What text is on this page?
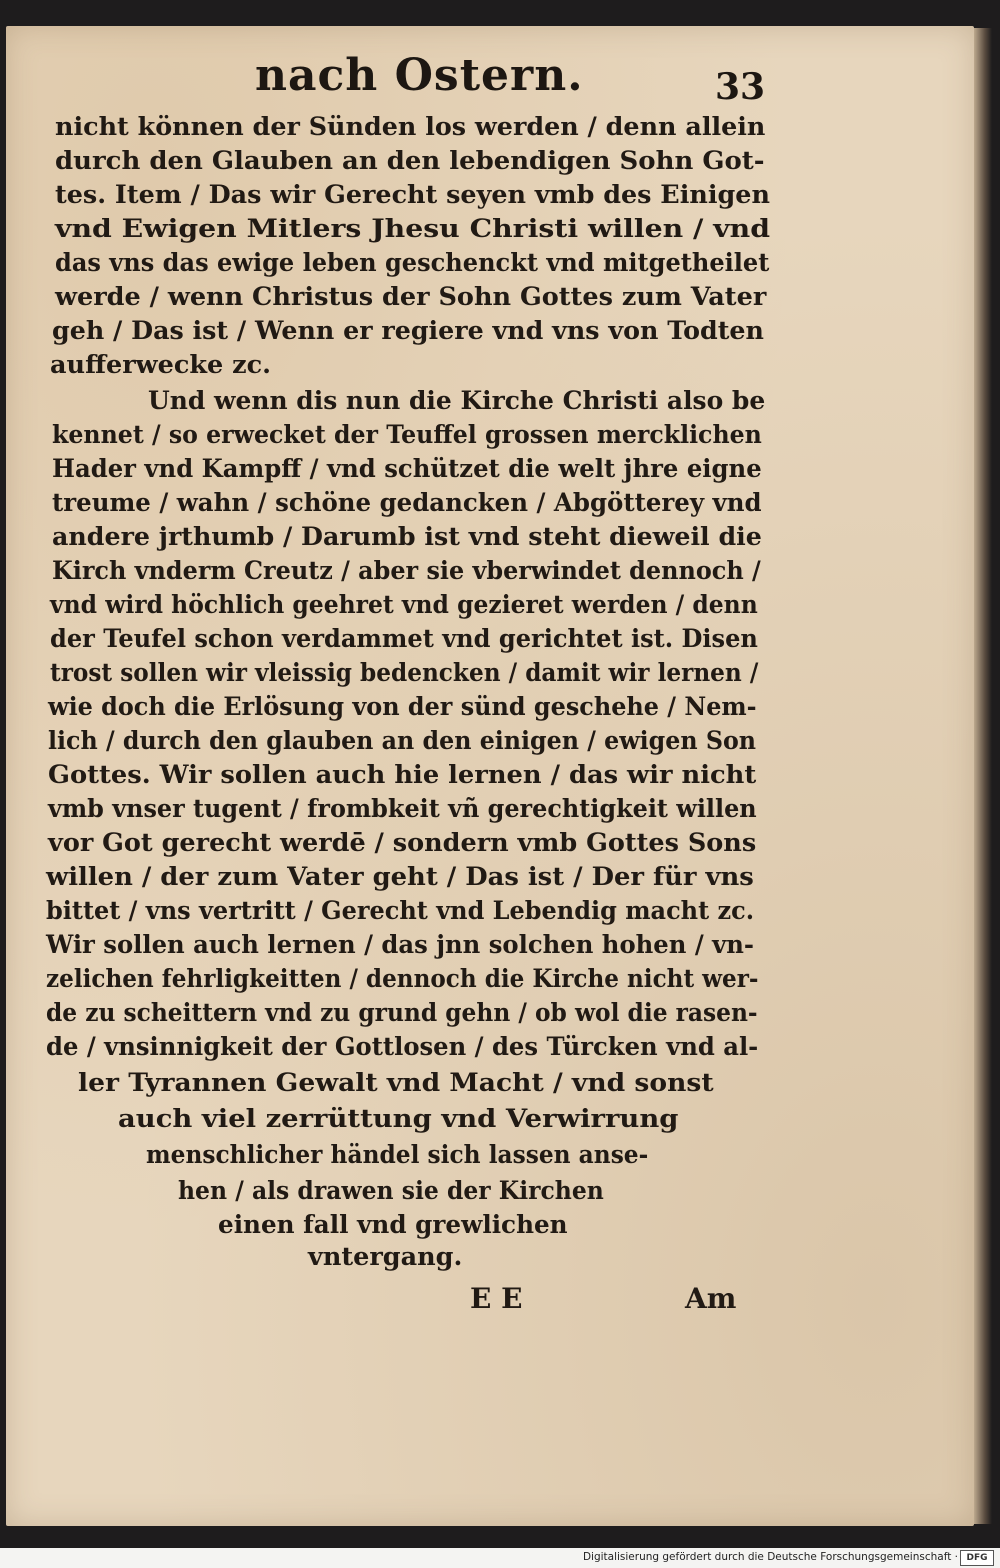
nach Ostern.	33
nicht können der Sünden los werden / denn allein
durch den Glauben an den lebendigen Sohn Got-
tes. Item / Das wir Gerecht seyen vmb des Einigen
vnd Ewigen Mitlers Jhesu Christi willen / vnd
das vns das ewige leben geschenckt vnd mitgetheilet
werde / wenn Christus der Sohn Gottes zum Vater
geh / Das ist / Wenn er regiere vnd vns von Todten
aufferwecke zc.
Und wenn dis nun die Kirche Christi also be
kennet / so erwecket der Teuffel grossen mercklichen
Hader vnd Kampff / vnd schützet die welt jhre eigne
treume / wahn / schöne gedancken / Abgötterey vnd
andere jrthumb / Darumb ist vnd steht dieweil die
Kirch vnderm Creutz / aber sie vberwindet dennoch /
vnd wird höchlich geehret vnd gezieret werden / denn
der Teufel schon verdammet vnd gerichtet ist. Disen
trost sollen wir vleissig bedencken / damit wir lernen /
wie doch die Erlösung von der sünd geschehe / Nem-
lich / durch den glauben an den einigen / ewigen Son
Gottes. Wir sollen auch hie lernen / das wir nicht
vmb vnser tugent / frombkeit vñ gerechtigkeit willen
vor Got gerecht werdē / sondern vmb Gottes Sons
willen / der zum Vater geht / Das ist / Der für vns
bittet / vns vertritt / Gerecht vnd Lebendig macht zc.
Wir sollen auch lernen / das jnn solchen hohen / vn-
zelichen fehrligkeitten / dennoch die Kirche nicht wer-
de zu scheittern vnd zu grund gehn / ob wol die rasen-
de / vnsinnigkeit der Gottlosen / des Türcken vnd al-
ler Tyrannen Gewalt vnd Macht / vnd sonst
auch viel zerrüttung vnd Verwirrung
menschlicher händel sich lassen anse-
hen / als drawen sie der Kirchen
einen fall vnd grewlichen
vntergang.
E E	Am
Digitalisierung gefördert durch die Deutsche Forschungsgemeinschaft · DFG
